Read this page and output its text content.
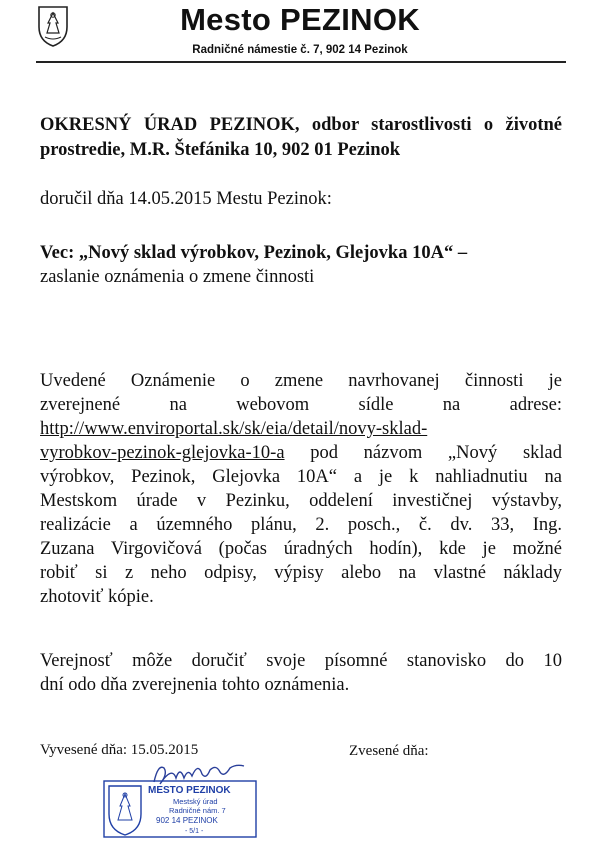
Mesto PEZINOK
Radničné námestie č. 7, 902 14 Pezinok
OKRESNÝ ÚRAD PEZINOK, odbor starostlivosti o životné prostredie, M.R. Štefánika 10, 902 01 Pezinok
doručil dňa 14.05.2015 Mestu Pezinok:
Vec: „Nový sklad výrobkov, Pezinok, Glejovka 10A“ –
zaslanie oznámenia o zmene činnosti
Uvedené Oznámenie o zmene navrhovanej činnosti je
zverejnené na webovom sídle na adrese:
http://www.enviroportal.sk/sk/eia/detail/novy-sklad-
vyrobkov-pezinok-glejovka-10-a pod názvom „Nový sklad
výrobkov, Pezinok, Glejovka 10A“ a je k nahliadnutiu na
Mestskom úrade v Pezinku, oddelení investičnej výstavby,
realizácie a územného plánu, 2. posch., č. dv. 33, Ing.
Zuzana Virgovičová (počas úradných hodín), kde je možné
robiť si z neho odpisy, výpisy alebo na vlastné náklady
zhotoviť kópie.
Verejnosť môže doručiť svoje písomné stanovisko do 10
dní odo dňa zverejnenia tohto oznámenia.
Vyvesené dňa: 15.05.2015	Zvesené dňa:
MESTO PEZINOK
Mestský úrad
Radničné nám. 7
902 14 PEZINOK
- 5/1 -
